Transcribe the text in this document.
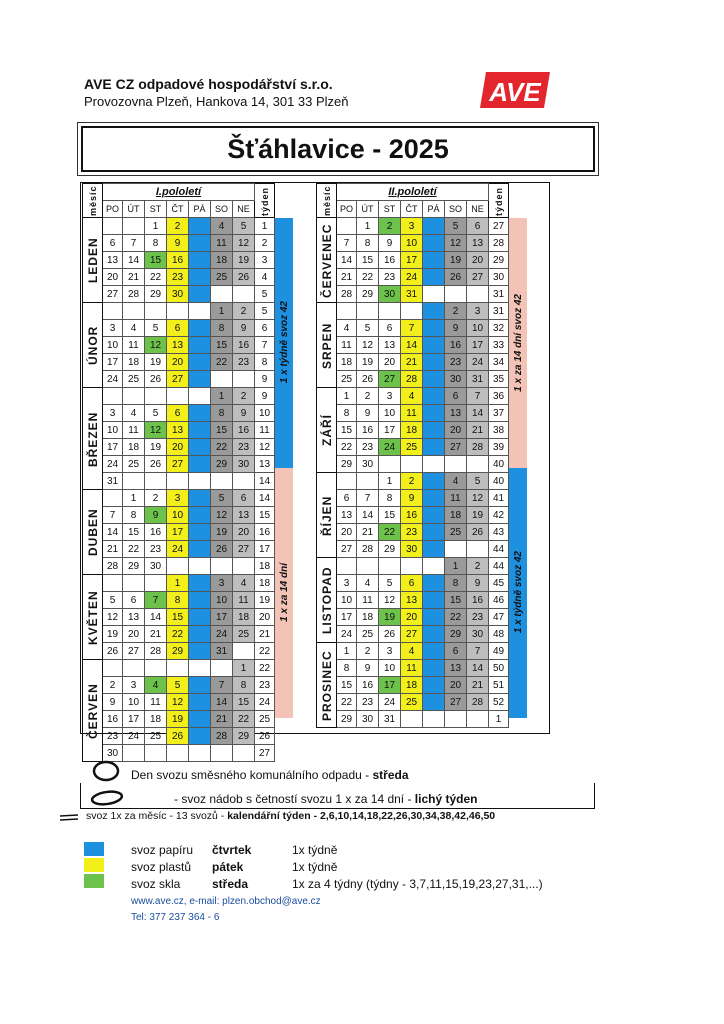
AVE CZ odpadové hospodářství s.r.o.
Provozovna Plzeň, Hankova 14, 301 33 Plzeň	AVE
Šťáhlavice - 2025
měsíc	I.pololetí							týden	
	PO	ÚT	ST	ČT	PÁ	SO	NE		
LEDEN			1	2	3	4	5	1	1 x týdně svoz 42
1 x za 14 dní

	6	7	8	9	10	11	12	2	
	13	14	15	16	17	18	19	3	
	20	21	22	23	24	25	26	4	
	27	28	29	30	31			5	
ÚNOR						1	2	5	
	3	4	5	6	7	8	9	6	
	10	11	12	13	14	15	16	7	
	17	18	19	20	21	22	23	8	
	24	25	26	27	28			9	
BŘEZEN						1	2	9	
	3	4	5	6	7	8	9	10	
	10	11	12	13	14	15	16	11	
	17	18	19	20	21	22	23	12	
	24	25	26	27	28	29	30	13	
	31							14	
DUBEN		1	2	3	4	5	6	14	
	7	8	9	10	11	12	13	15	
	14	15	16	17	18	19	20	16	
	21	22	23	24	25	26	27	17	
	28	29	30					18	
KVĚTEN				1	2	3	4	18	
	5	6	7	8	9	10	11	19	
	12	13	14	15	16	17	18	20	
	19	20	21	22	23	24	25	21	
	26	27	28	29	30	31		22	
ČERVEN							1	22	
	2	3	4	5	6	7	8	23	
	9	10	11	12	13	14	15	24	
	16	17	18	19	20	21	22	25	
	23	24	25	26	27	28	29	26	
	30							27	
měsíc	II.pololetí							týden	
	PO	ÚT	ST	ČT	PÁ	SO	NE		
ČERVENEC		1	2	3	4	5	6	27	1 x za 14 dní svoz 42
1 x týdně svoz 42

	7	8	9	10	11	12	13	28	
	14	15	16	17	18	19	20	29	
	21	22	23	24	25	26	27	30	
	28	29	30	31				31	
SRPEN					1	2	3	31	
	4	5	6	7	8	9	10	32	
	11	12	13	14	15	16	17	33	
	18	19	20	21	22	23	24	34	
	25	26	27	28	29	30	31	35	
ZÁŘÍ	1	2	3	4	5	6	7	36	
	8	9	10	11	12	13	14	37	
	15	16	17	18	19	20	21	38	
	22	23	24	25	26	27	28	39	
	29	30						40	
ŘÍJEN			1	2	3	4	5	40	
	6	7	8	9	10	11	12	41	
	13	14	15	16	17	18	19	42	
	20	21	22	23	24	25	26	43	
	27	28	29	30	31			44	
LISTOPAD						1	2	44	
	3	4	5	6	7	8	9	45	
	10	11	12	13	14	15	16	46	
	17	18	19	20	21	22	23	47	
	24	25	26	27	28	29	30	48	
PROSINEC	1	2	3	4	5	6	7	49	
	8	9	10	11	12	13	14	50	
	15	16	17	18	19	20	21	51	
	22	23	24	25	26	27	28	52	
	29	30	31					1	
Den svozu směsného komunálního odpadu - středa
- svoz nádob s četností svozu 1 x za 14 dní - lichý týden
svoz 1x za měsíc - 13 svozů - kalendářní týden - 2,6,10,14,18,22,26,30,34,38,42,46,50
svoz papíru čtvrtek	1x týdně
svoz plastů pátek	1x týdně
svoz skla	středa	1x za 4 týdny (týdny - 3,7,11,15,19,23,27,31,...)
www.ave.cz, e-mail: plzen.obchod@ave.cz
Tel: 377 237 364 - 6
